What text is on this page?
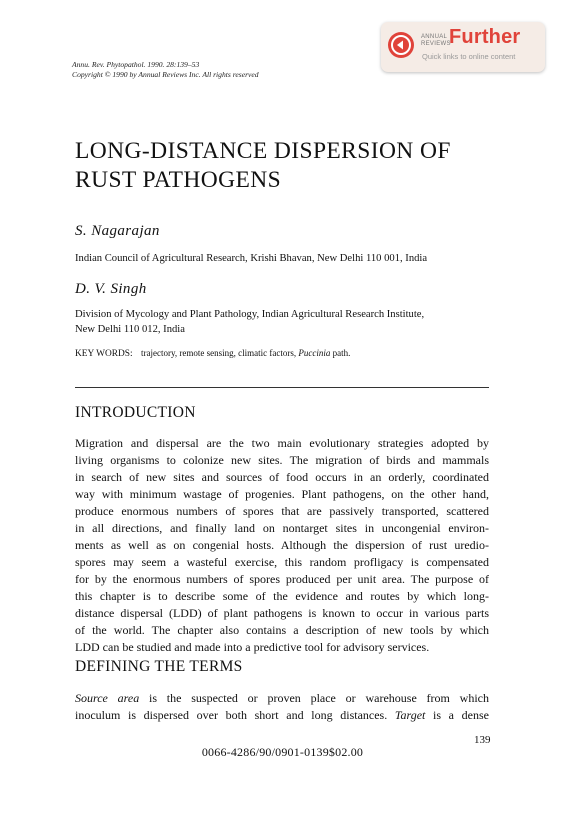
Annu. Rev. Phytopathol. 1990. 28:139–53
Copyright © 1990 by Annual Reviews Inc. All rights reserved
ANNUAL
REVIEWS
Further
Quick links to online content
LONG-DISTANCE DISPERSION OF
RUST PATHOGENS
S. Nagarajan
Indian Council of Agricultural Research, Krishi Bhavan, New Delhi 110 001, India
D. V. Singh
Division of Mycology and Plant Pathology, Indian Agricultural Research Institute,
New Delhi 110 012, India
KEY WORDS: trajectory, remote sensing, climatic factors, Puccinia path.
INTRODUCTION
Migration and dispersal are the two main evolutionary strategies adopted by
living organisms to colonize new sites. The migration of birds and mammals
in search of new sites and sources of food occurs in an orderly, coordinated
way with minimum wastage of progenies. Plant pathogens, on the other hand,
produce enormous numbers of spores that are passively transported, scattered
in all directions, and finally land on nontarget sites in uncongenial environ-
ments as well as on congenial hosts. Although the dispersion of rust uredio-
spores may seem a wasteful exercise, this random profligacy is compensated
for by the enormous numbers of spores produced per unit area. The purpose of
this chapter is to describe some of the evidence and routes by which long-
distance dispersal (LDD) of plant pathogens is known to occur in various parts
of the world. The chapter also contains a description of new tools by which
LDD can be studied and made into a predictive tool for advisory services.
DEFINING THE TERMS
Source area is the suspected or proven place or warehouse from which
inoculum is dispersed over both short and long distances. Target is a dense
139
0066-4286/90/0901-0139$02.00
